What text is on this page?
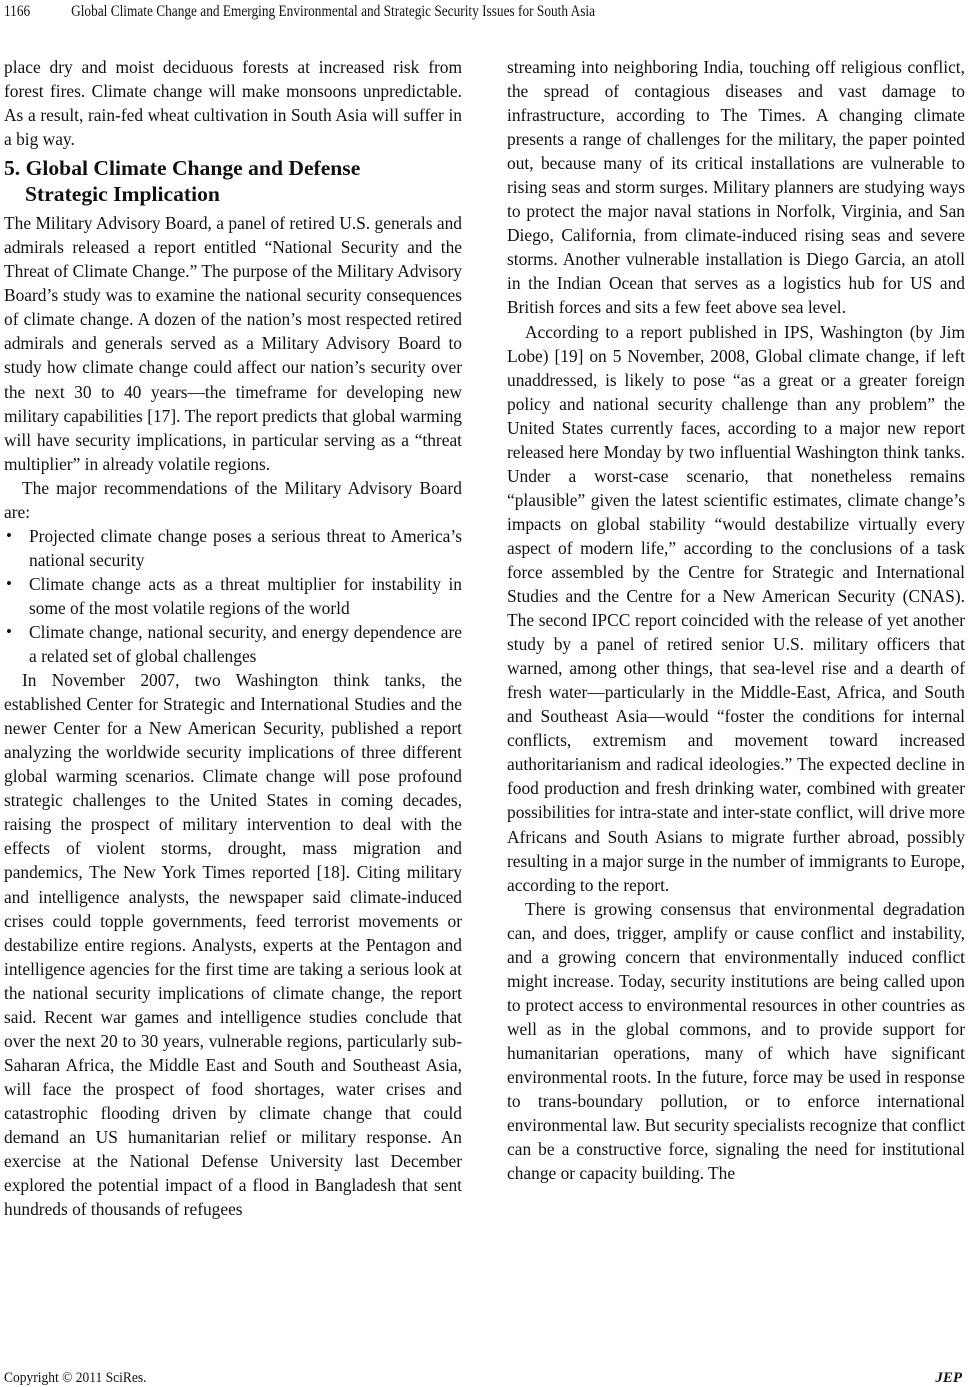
1166	Global Climate Change and Emerging Environmental and Strategic Security Issues for South Asia

place dry and moist deciduous forests at increased risk from forest fires. Climate change will make monsoons unpredictable. As a result, rain-fed wheat cultivation in South Asia will suffer in a big way.

5. Global Climate Change and Defense
Strategic Implication

The Military Advisory Board, a panel of retired U.S. generals and admirals released a report entitled “National Security and the Threat of Climate Change.” The purpose of the Military Advisory Board’s study was to examine the national security consequences of climate change. A dozen of the nation’s most respected retired admirals and generals served as a Military Advisory Board to study how climate change could affect our nation’s security over the next 30 to 40 years—the timeframe for developing new military capabilities [17]. The report predicts that global warming will have security implications, in particular serving as a “threat multiplier” in already volatile regions.

The major recommendations of the Military Advisory Board are:

• Projected climate change poses a serious threat to America’s national security
• Climate change acts as a threat multiplier for instability in some of the most volatile regions of the world
• Climate change, national security, and energy dependence are a related set of global challenges

In November 2007, two Washington think tanks, the established Center for Strategic and International Studies and the newer Center for a New American Security, published a report analyzing the worldwide security implications of three different global warming scenarios. Climate change will pose profound strategic challenges to the United States in coming decades, raising the prospect of military intervention to deal with the effects of violent storms, drought, mass migration and pandemics, The New York Times reported [18]. Citing military and intelligence analysts, the newspaper said climate-induced crises could topple governments, feed terrorist movements or destabilize entire regions. Analysts, experts at the Pentagon and intelligence agencies for the first time are taking a serious look at the national security implications of climate change, the report said. Recent war games and intelligence studies conclude that over the next 20 to 30 years, vulnerable regions, particularly sub-Saharan Africa, the Middle East and South and Southeast Asia, will face the prospect of food shortages, water crises and catastrophic flooding driven by climate change that could demand an US humanitarian relief or military response. An exercise at the National Defense University last December explored the potential impact of a flood in Bangladesh that sent hundreds of thousands of refugees

streaming into neighboring India, touching off religious conflict, the spread of contagious diseases and vast damage to infrastructure, according to The Times. A changing climate presents a range of challenges for the military, the paper pointed out, because many of its critical installations are vulnerable to rising seas and storm surges. Military planners are studying ways to protect the major naval stations in Norfolk, Virginia, and San Diego, California, from climate-induced rising seas and severe storms. Another vulnerable installation is Diego Garcia, an atoll in the Indian Ocean that serves as a logistics hub for US and British forces and sits a few feet above sea level.

According to a report published in IPS, Washington (by Jim Lobe) [19] on 5 November, 2008, Global climate change, if left unaddressed, is likely to pose “as a great or a greater foreign policy and national security challenge than any problem” the United States currently faces, according to a major new report released here Monday by two influential Washington think tanks. Under a worst-case scenario, that nonetheless remains “plausible” given the latest scientific estimates, climate change’s impacts on global stability “would destabilize virtually every aspect of modern life,” according to the conclusions of a task force assembled by the Centre for Strategic and International Studies and the Centre for a New American Security (CNAS). The second IPCC report coincided with the release of yet another study by a panel of retired senior U.S. military officers that warned, among other things, that sea-level rise and a dearth of fresh water—particularly in the Middle-East, Africa, and South and Southeast Asia—would “foster the conditions for internal conflicts, extremism and movement toward increased authoritarianism and radical ideologies.” The expected decline in food production and fresh drinking water, combined with greater possibilities for intra-state and inter-state conflict, will drive more Africans and South Asians to migrate further abroad, possibly resulting in a major surge in the number of immigrants to Europe, according to the report.

There is growing consensus that environmental degradation can, and does, trigger, amplify or cause conflict and instability, and a growing concern that environmentally induced conflict might increase. Today, security institutions are being called upon to protect access to environmental resources in other countries as well as in the global commons, and to provide support for humanitarian operations, many of which have significant environmental roots. In the future, force may be used in response to trans-boundary pollution, or to enforce international environmental law. But security specialists recognize that conflict can be a constructive force, signaling the need for institutional change or capacity building. The

Copyright © 2011 SciRes.	JEP
